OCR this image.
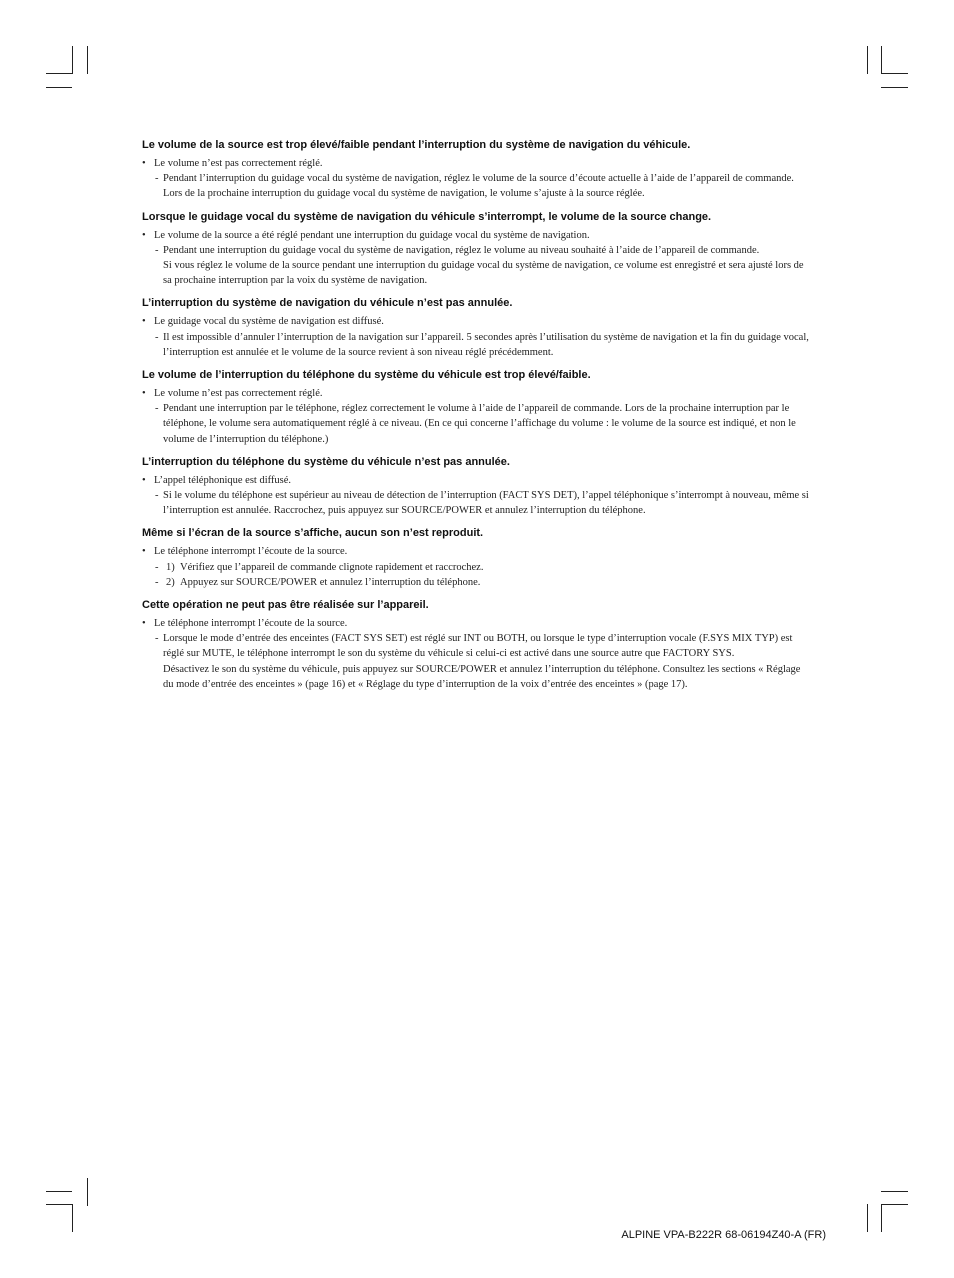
Le volume de la source est trop élevé/faible pendant l’interruption du système de navigation du véhicule.
• Le volume n’est pas correctement réglé.
- Pendant l’interruption du guidage vocal du système de navigation, réglez le volume de la source d’écoute actuelle à l’aide de l’appareil de commande. Lors de la prochaine interruption du guidage vocal du système de navigation, le volume s’ajuste à la source réglée.
Lorsque le guidage vocal du système de navigation du véhicule s’interrompt, le volume de la source change.
• Le volume de la source a été réglé pendant une interruption du guidage vocal du système de navigation.
- Pendant une interruption du guidage vocal du système de navigation, réglez le volume au niveau souhaité à l’aide de l’appareil de commande.
Si vous réglez le volume de la source pendant une interruption du guidage vocal du système de navigation, ce volume est enregistré et sera ajusté lors de sa prochaine interruption par la voix du système de navigation.
L’interruption du système de navigation du véhicule n’est pas annulée.
• Le guidage vocal du système de navigation est diffusé.
- Il est impossible d’annuler l’interruption de la navigation sur l’appareil. 5 secondes après l’utilisation du système de navigation et la fin du guidage vocal, l’interruption est annulée et le volume de la source revient à son niveau réglé précédemment.
Le volume de l’interruption du téléphone du système du véhicule est trop élevé/faible.
• Le volume n’est pas correctement réglé.
- Pendant une interruption par le téléphone, réglez correctement le volume à l’aide de l’appareil de commande. Lors de la prochaine interruption par le téléphone, le volume sera automatiquement réglé à ce niveau. (En ce qui concerne l’affichage du volume : le volume de la source est indiqué, et non le volume de l’interruption du téléphone.)
L’interruption du téléphone du système du véhicule n’est pas annulée.
• L’appel téléphonique est diffusé.
- Si le volume du téléphone est supérieur au niveau de détection de l’interruption (FACT SYS DET), l’appel téléphonique s’interrompt à nouveau, même si l’interruption est annulée. Raccrochez, puis appuyez sur SOURCE/POWER et annulez l’interruption du téléphone.
Même si l’écran de la source s’affiche, aucun son n’est reproduit.
• Le téléphone interrompt l’écoute de la source.
- 1) Vérifiez que l’appareil de commande clignote rapidement et raccrochez.
- 2) Appuyez sur SOURCE/POWER et annulez l’interruption du téléphone.
Cette opération ne peut pas être réalisée sur l’appareil.
• Le téléphone interrompt l’écoute de la source.
- Lorsque le mode d’entrée des enceintes (FACT SYS SET) est réglé sur INT ou BOTH, ou lorsque le type d’interruption vocale (F.SYS MIX TYP) est réglé sur MUTE, le téléphone interrompt le son du système du véhicule si celui-ci est activé dans une source autre que FACTORY SYS.
Désactivez le son du système du véhicule, puis appuyez sur SOURCE/POWER et annulez l’interruption du téléphone. Consultez les sections « Réglage du mode d’entrée des enceintes » (page 16) et « Réglage du type d’interruption de la voix d’entrée des enceintes » (page 17).
ALPINE VPA-B222R 68-06194Z40-A (FR)
